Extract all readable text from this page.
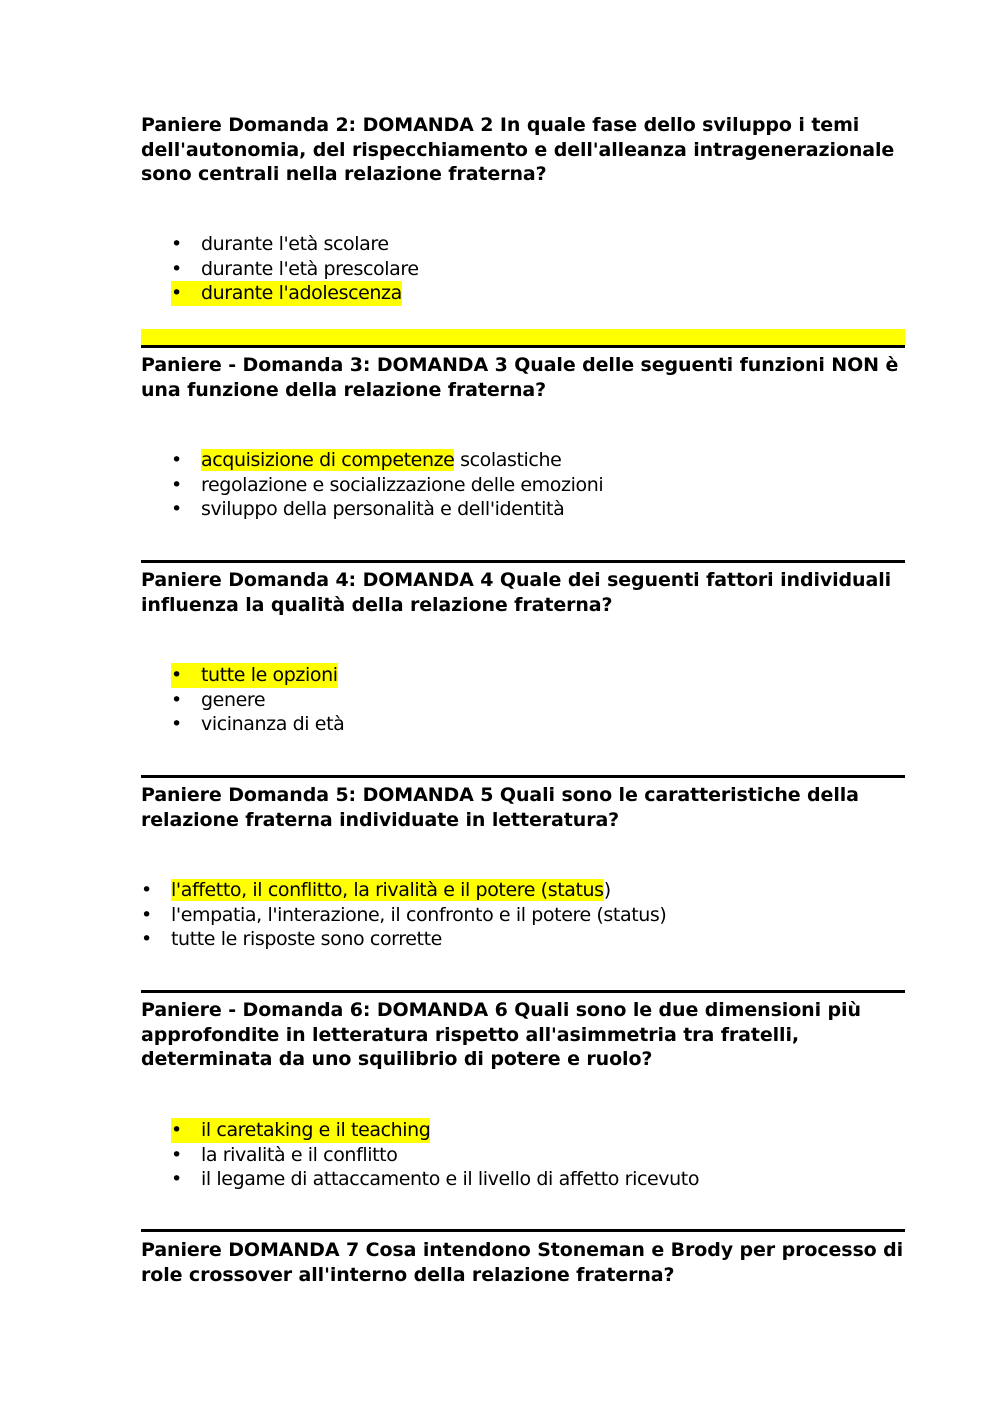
Paniere Domanda 2: DOMANDA 2 In quale fase dello sviluppo i temi dell'autonomia, del rispecchiamento e dell'alleanza intragenerazionale sono centrali nella relazione fraterna?
•	durante l'età scolare
•	durante l'età prescolare
•	durante l'adolescenza
Paniere - Domanda 3: DOMANDA 3 Quale delle seguenti funzioni NON è una funzione della relazione fraterna?
•	acquisizione di competenze scolastiche
•	regolazione e socializzazione delle emozioni
•	sviluppo della personalità e dell'identità
Paniere Domanda 4: DOMANDA 4 Quale dei seguenti fattori individuali influenza la qualità della relazione fraterna?
•	tutte le opzioni
•	genere
•	vicinanza di età
Paniere Domanda 5: DOMANDA 5 Quali sono le caratteristiche della relazione fraterna individuate in letteratura?
•	l'affetto, il conflitto, la rivalità e il potere (status)
•	l'empatia, l'interazione, il confronto e il potere (status)
•	tutte le risposte sono corrette
Paniere - Domanda 6: DOMANDA 6 Quali sono le due dimensioni più approfondite in letteratura rispetto all'asimmetria tra fratelli, determinata da uno squilibrio di potere e ruolo?
•	il caretaking e il teaching
•	la rivalità e il conflitto
•	il legame di attaccamento e il livello di affetto ricevuto
Paniere DOMANDA 7 Cosa intendono Stoneman e Brody per processo di role crossover all'interno della relazione fraterna?
